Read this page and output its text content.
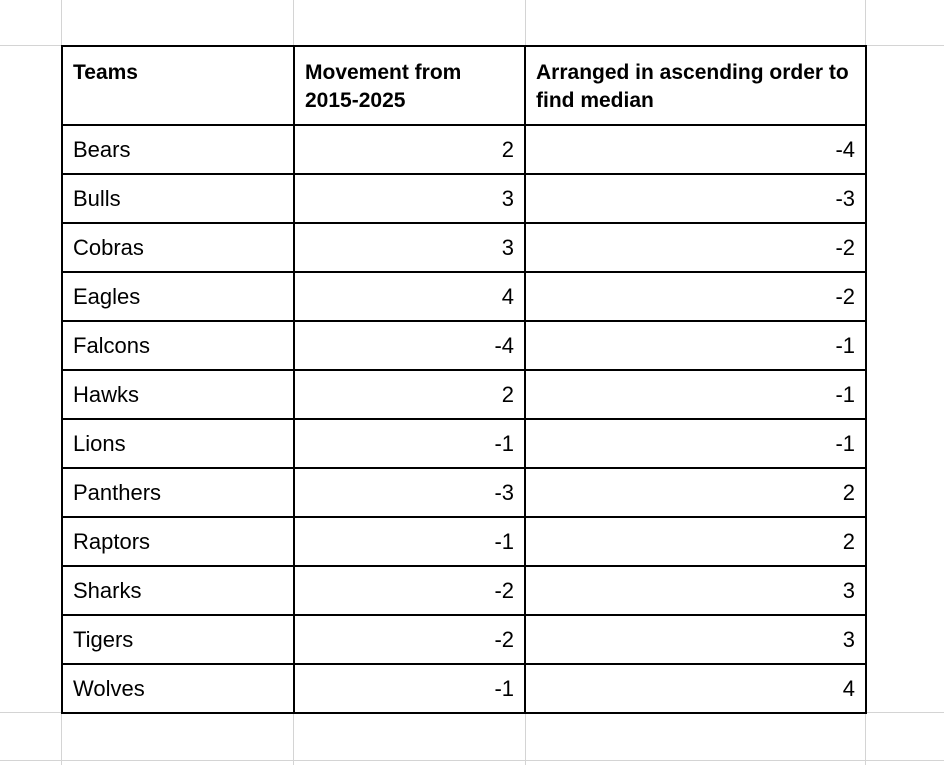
Teams	Movement from 2015-2025	Arranged in ascending order to find median
Bears	2	-4
Bulls	3	-3
Cobras	3	-2
Eagles	4	-2
Falcons	-4	-1
Hawks	2	-1
Lions	-1	-1
Panthers	-3	2
Raptors	-1	2
Sharks	-2	3
Tigers	-2	3
Wolves	-1	4
